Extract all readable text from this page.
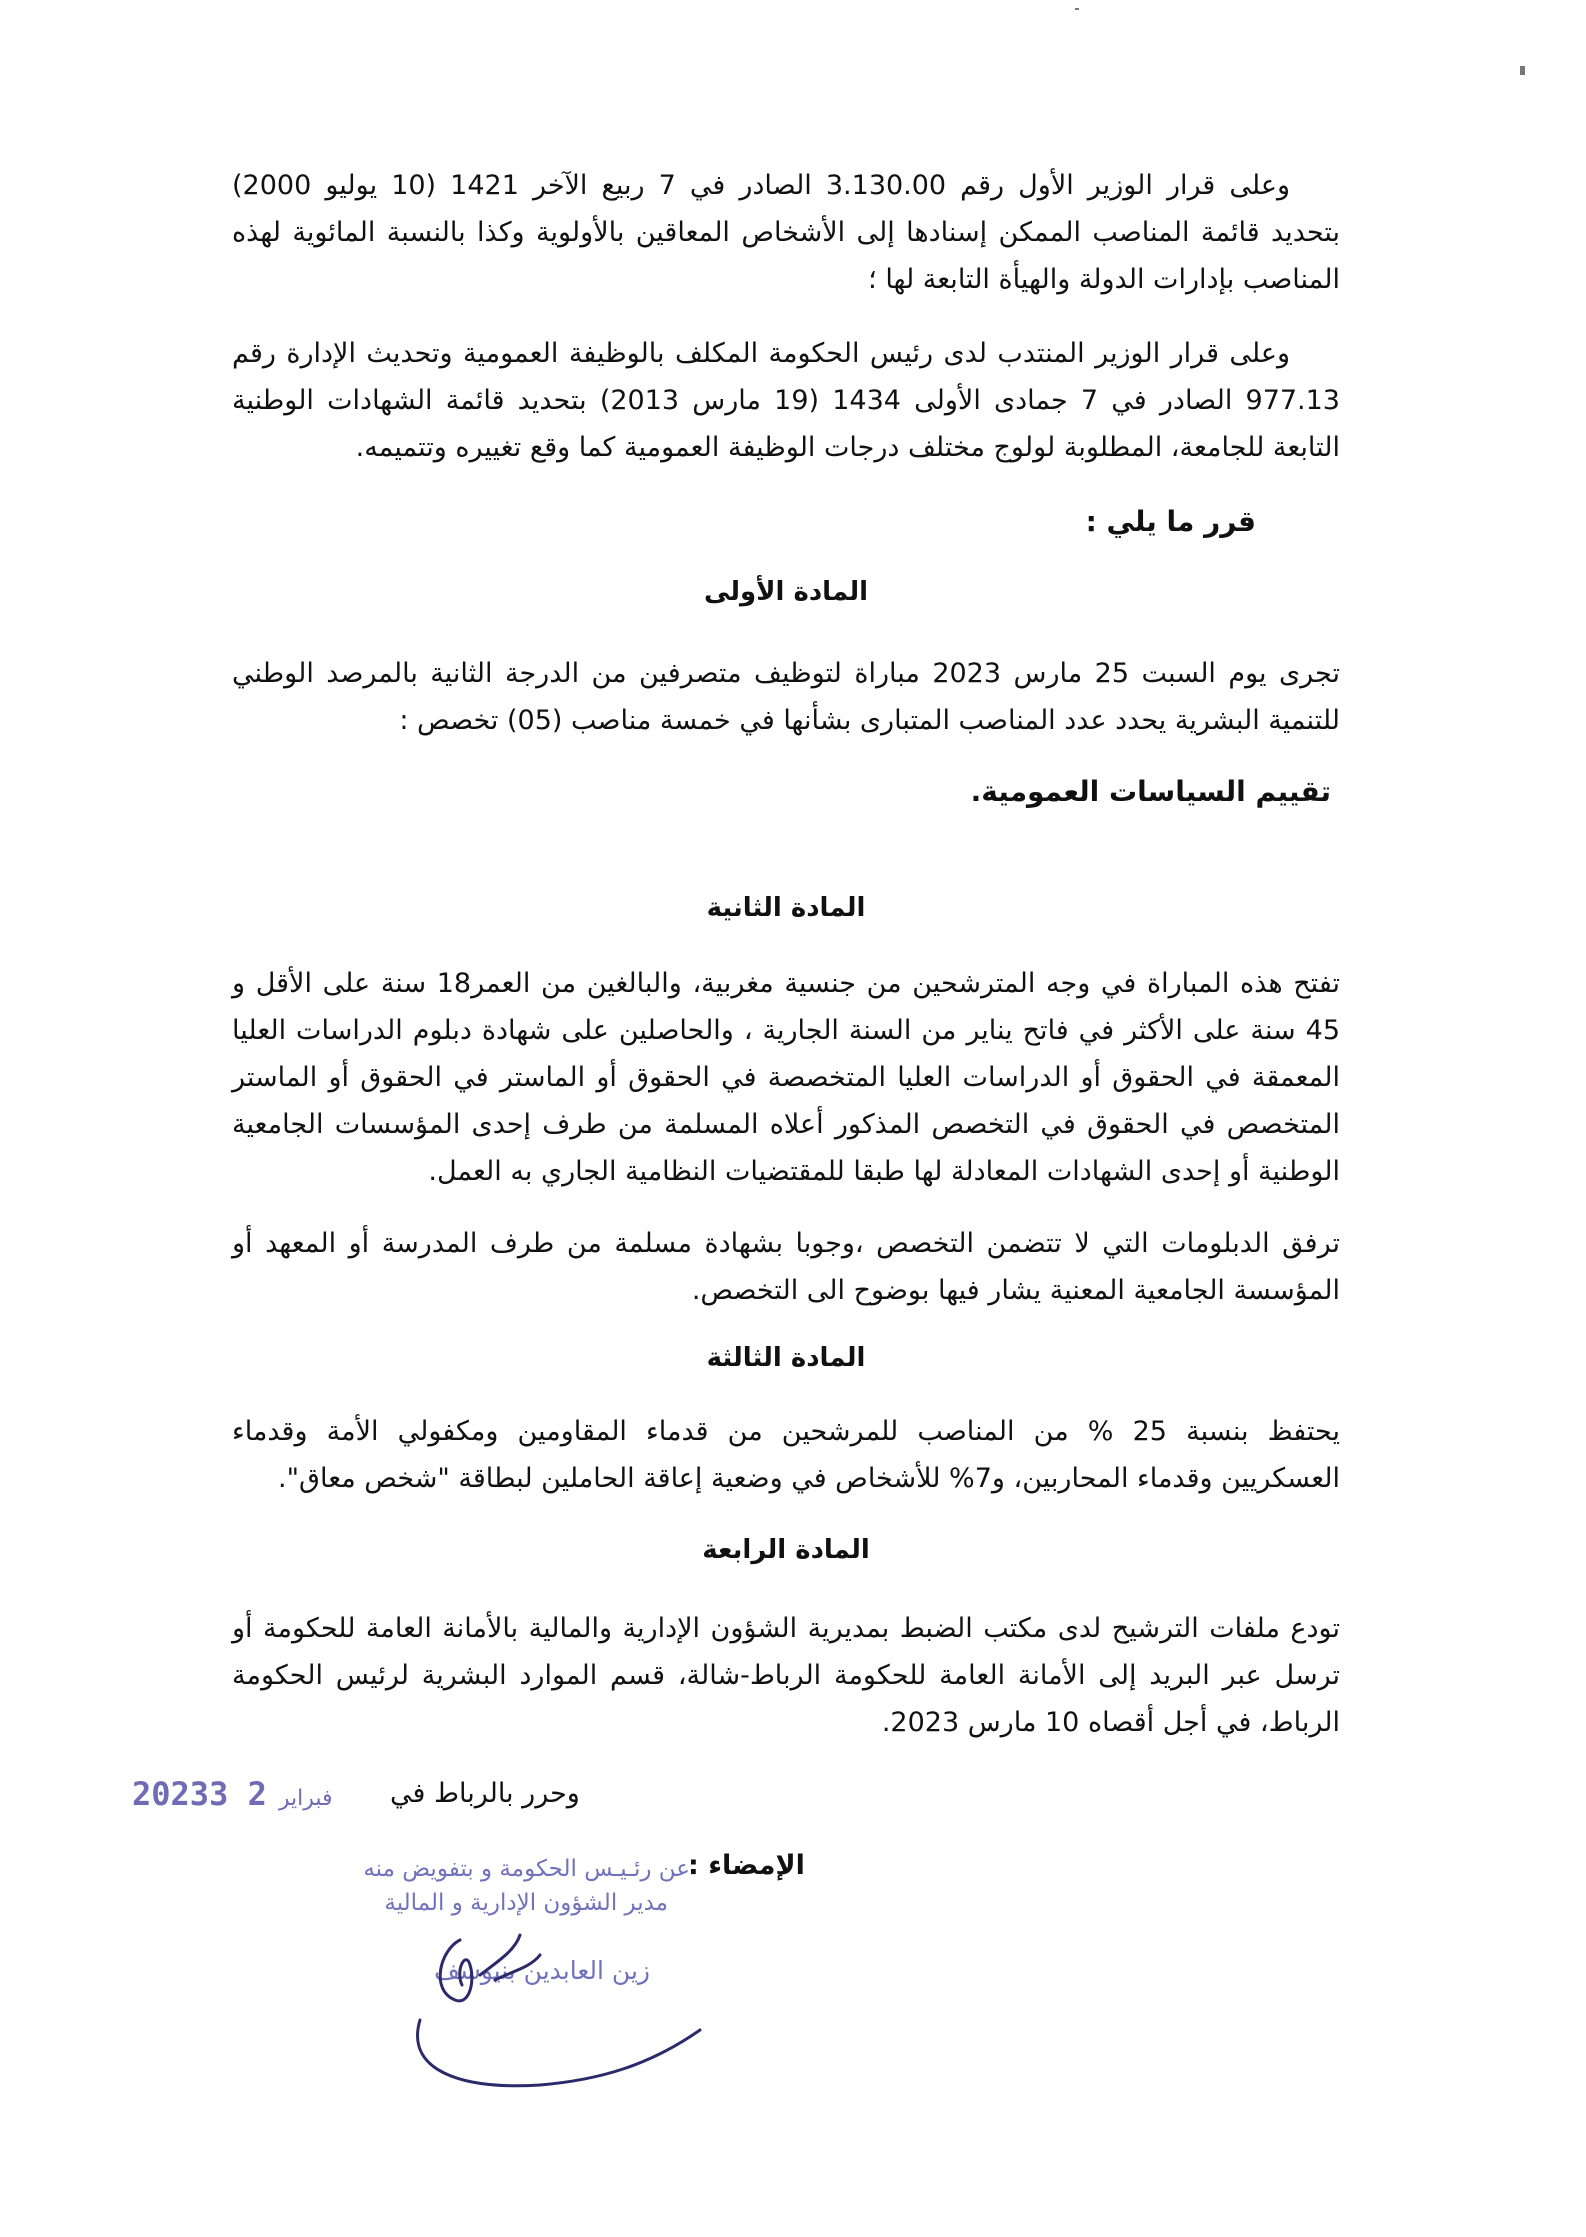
وعلى قرار الوزير الأول رقم 3.130.00 الصادر في 7 ربيع الآخر 1421 (10 يوليو 2000) بتحديد قائمة المناصب الممكن إسنادها إلى الأشخاص المعاقين بالأولوية وكذا بالنسبة المائوية لهذه المناصب بإدارات الدولة والهيأة التابعة لها ؛
وعلى قرار الوزير المنتدب لدى رئيس الحكومة المكلف بالوظيفة العمومية وتحديث الإدارة رقم 977.13 الصادر في 7 جمادى الأولى 1434 (19 مارس 2013) بتحديد قائمة الشهادات الوطنية التابعة للجامعة، المطلوبة لولوج مختلف درجات الوظيفة العمومية كما وقع تغييره وتتميمه.
قرر ما يلي :
المادة الأولى
تجرى يوم السبت 25 مارس 2023 مباراة لتوظيف متصرفين من الدرجة الثانية بالمرصد الوطني للتنمية البشرية يحدد عدد المناصب المتبارى بشأنها في خمسة مناصب (05) تخصص :
تقييم السياسات العمومية.
المادة الثانية
تفتح هذه المباراة في وجه المترشحين من جنسية مغربية، والبالغين من العمر18 سنة على الأقل و 45 سنة على الأكثر في فاتح يناير من السنة الجارية ، والحاصلين على شهادة دبلوم الدراسات العليا المعمقة في الحقوق أو الدراسات العليا المتخصصة في الحقوق أو الماستر في الحقوق أو الماستر المتخصص في الحقوق في التخصص المذكور أعلاه المسلمة من طرف إحدى المؤسسات الجامعية الوطنية أو إحدى الشهادات المعادلة لها طبقا للمقتضيات النظامية الجاري به العمل.
ترفق الدبلومات التي لا تتضمن التخصص ،وجوبا بشهادة مسلمة من طرف المدرسة أو المعهد أو المؤسسة الجامعية المعنية يشار فيها بوضوح الى التخصص.
المادة الثالثة
يحتفظ بنسبة 25 % من المناصب للمرشحين من قدماء المقاومين ومكفولي الأمة وقدماء العسكريين وقدماء المحاربين، و7% للأشخاص في وضعية إعاقة الحاملين لبطاقة "شخص معاق".
المادة الرابعة
تودع ملفات الترشيح لدى مكتب الضبط بمديرية الشؤون الإدارية والمالية بالأمانة العامة للحكومة أو ترسل عبر البريد إلى الأمانة العامة للحكومة الرباط-شالة، قسم الموارد البشرية لرئيس الحكومة الرباط، في أجل أقصاه 10 مارس 2023.
وحرر بالرباط في
2023	فبراير2 3
الإمضاء :
عن رئـيـس الحكومة و بتفويض منه
مدير الشؤون الإدارية و المالية
زين العابدين بنيوسف
